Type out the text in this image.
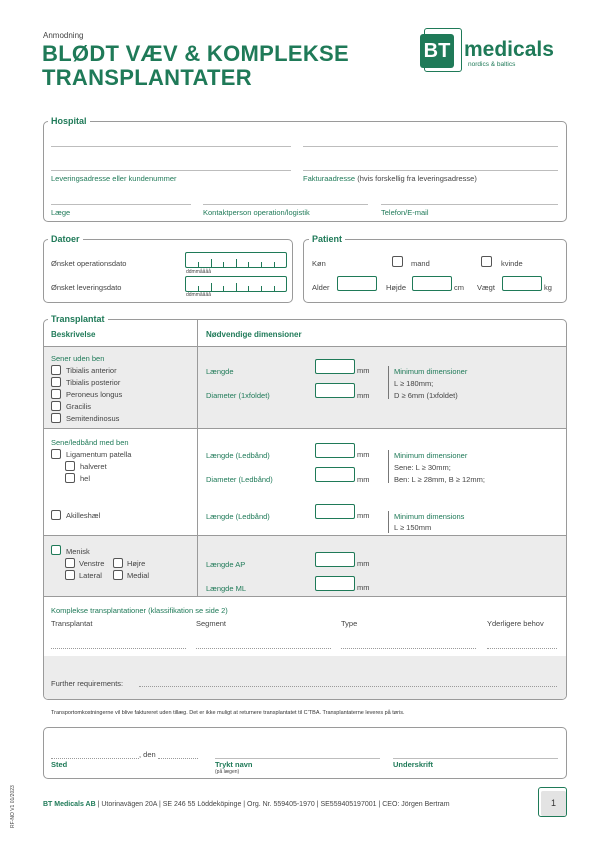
Anmodning
BLØDT VÆV & KOMPLEKSE
TRANSPLANTATER
BT medicals
nordics & baltics
Hospital
Leveringsadresse eller kundenummer	Fakturaadresse (hvis forskellig fra leveringsadresse)
Læge	Kontaktperson operation/logistik	Telefon/E-mail
Datoer
Ønsket operationsdato
ddmmåååå
Ønsket leveringsdato
ddmmåååå
Patient
Køn	mand	kvinde
Alder	Højde	cm Vægt	kg
Transplantat
Beskrivelse	Nødvendige dimensioner
Sener uden ben
Tibialis anterior
Tibialis posterior
Peroneus longus
Gracilis
Semitendinosus
Længde	mm
Diameter (1xfoldet)	mm
Minimum dimensioner
L ≥ 180mm;
D ≥ 6mm (1xfoldet)
Sene/ledbånd med ben
Ligamentum patella
halveret
hel
Længde (Ledbånd)	mm
Diameter (Ledbånd)	mm
Minimum dimensioner
Sene: L ≥ 30mm;
Ben: L ≥ 28mm, B ≥ 12mm;
Akilleshæl	Længde (Ledbånd)	mm	Minimum dimensions
L ≥ 150mm
Menisk
Venstre	Højre
Lateral	Medial
Længde AP	mm
Længde ML	mm
Komplekse transplantationer (klassifikation se side 2)
Transplantat	Segment	Type	Yderligere behov
Further requirements:
Transportomkostningerne vil blive faktureret uden tillæg. Det er ikke muligt at returnere transplantatet til C’TBA. Transplantaterne leveres på tøris.
, den
Sted	Trykt navn
(på lægen)
Underskrift
BT Medicals AB | Utorinavägen 20A | SE 246 55 Löddeköpinge | Org. Nr. 559405-1970 | SE559405197001 | CEO: Jörgen Bertram	1
RF-NO V1 01/2023
